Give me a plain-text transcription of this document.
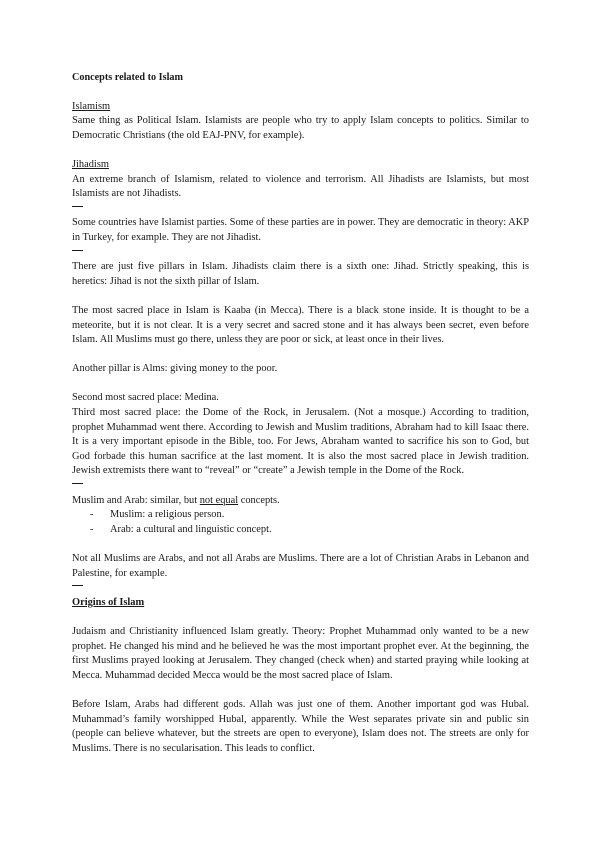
Concepts related to Islam

Islamism

Same thing as Political Islam. Islamists are people who try to apply Islam concepts to politics. Similar to Democratic Christians (the old EAJ-PNV, for example).

Jihadism

An extreme branch of Islamism, related to violence and terrorism. All Jihadists are Islamists, but most Islamists are not Jihadists.

Some countries have Islamist parties. Some of these parties are in power. They are democratic in theory: AKP in Turkey, for example. They are not Jihadist.

There are just five pillars in Islam. Jihadists claim there is a sixth one: Jihad. Strictly speaking, this is heretics: Jihad is not the sixth pillar of Islam.

The most sacred place in Islam is Kaaba (in Mecca). There is a black stone inside. It is thought to be a meteorite, but it is not clear. It is a very secret and sacred stone and it has always been secret, even before Islam. All Muslims must go there, unless they are poor or sick, at least once in their lives.

Another pillar is Alms: giving money to the poor.

Second most sacred place: Medina.

Third most sacred place: the Dome of the Rock, in Jerusalem. (Not a mosque.) According to tradition, prophet Muhammad went there. According to Jewish and Muslim traditions, Abraham had to kill Isaac there. It is a very important episode in the Bible, too. For Jews, Abraham wanted to sacrifice his son to God, but God forbade this human sacrifice at the last moment. It is also the most sacred place in Jewish tradition. Jewish extremists there want to “reveal” or “create” a Jewish temple in the Dome of the Rock.

Muslim and Arab: similar, but not equal concepts.

- Muslim: a religious person.
- Arab: a cultural and linguistic concept.

Not all Muslims are Arabs, and not all Arabs are Muslims. There are a lot of Christian Arabs in Lebanon and Palestine, for example.

Origins of Islam

Judaism and Christianity influenced Islam greatly. Theory: Prophet Muhammad only wanted to be a new prophet. He changed his mind and he believed he was the most important prophet ever. At the beginning, the first Muslims prayed looking at Jerusalem. They changed (check when) and started praying while looking at Mecca. Muhammad decided Mecca would be the most sacred place of Islam.

Before Islam, Arabs had different gods. Allah was just one of them. Another important god was Hubal. Muhammad’s family worshipped Hubal, apparently. While the West separates private sin and public sin (people can believe whatever, but the streets are open to everyone), Islam does not. The streets are only for Muslims. There is no secularisation. This leads to conflict.
